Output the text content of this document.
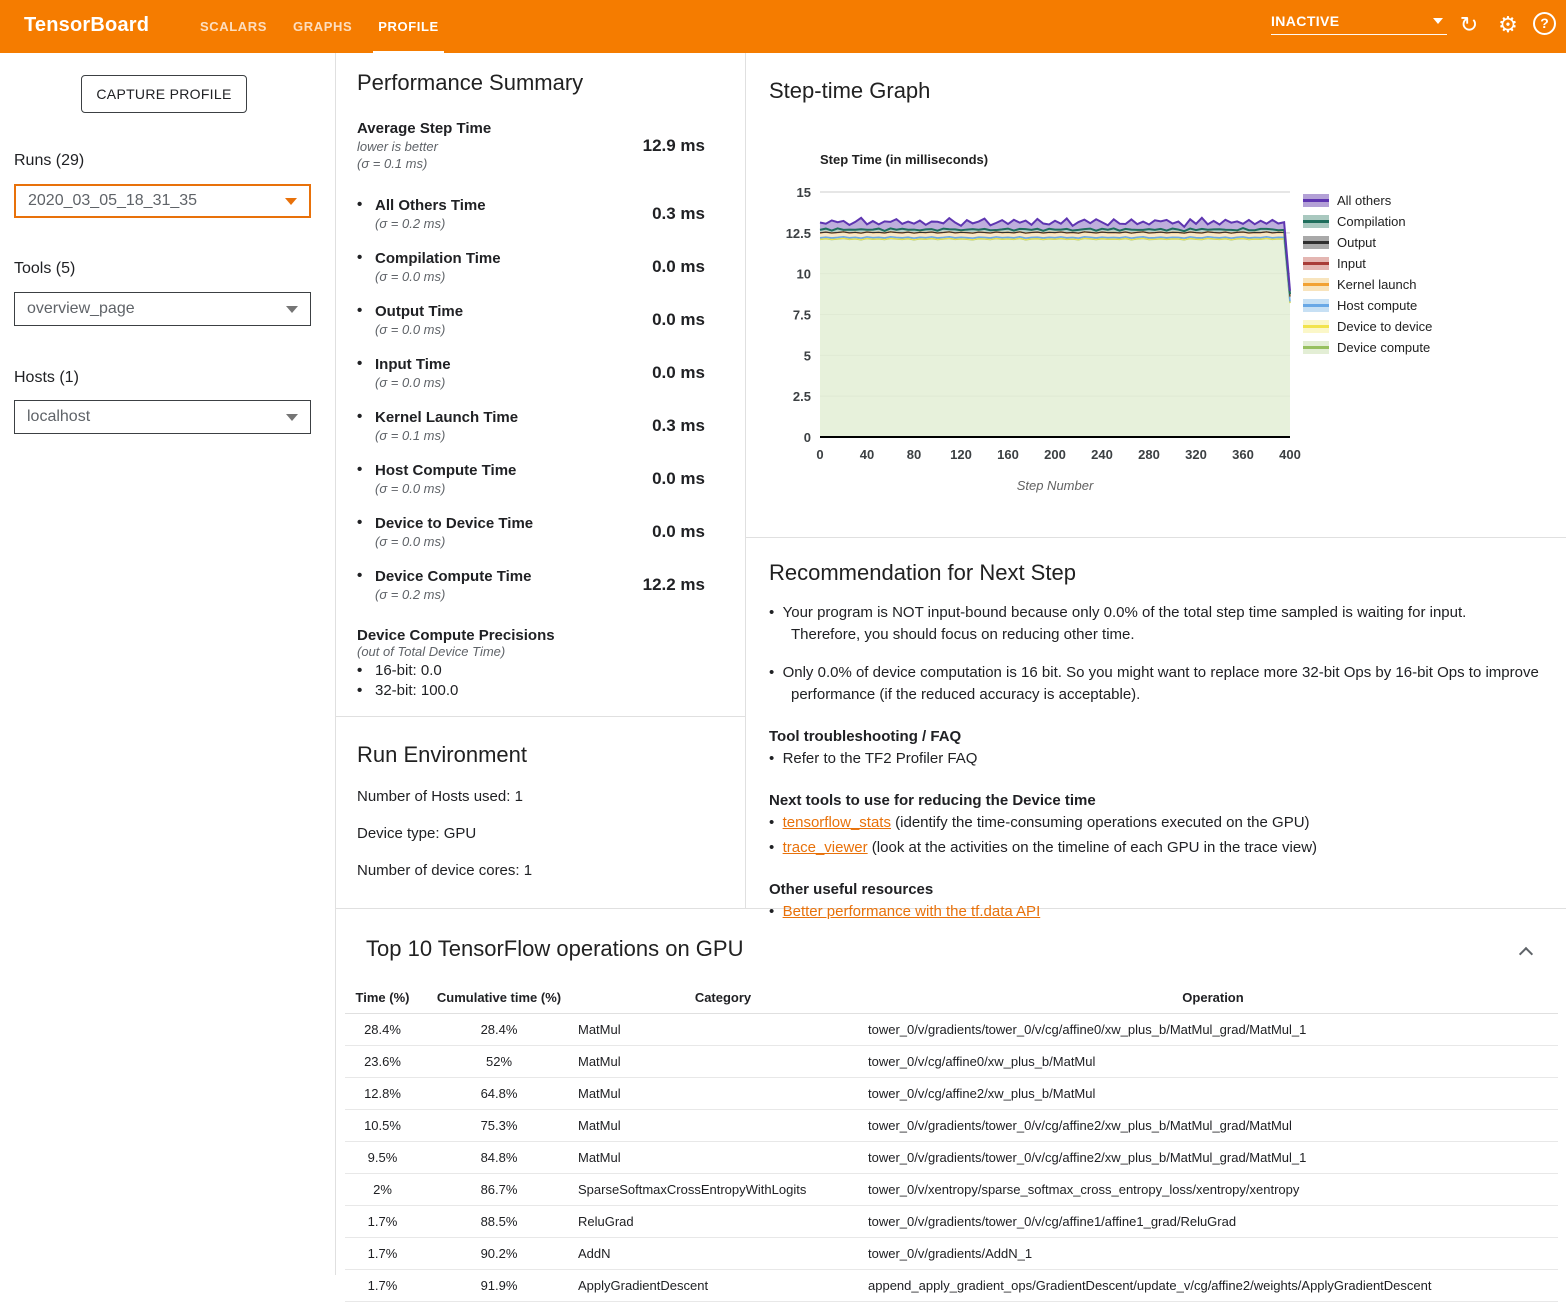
TensorBoard	SCALARS	GRAPHS	PROFILE	INACTIVE	↻ ⚙	?
CAPTURE PROFILE
Runs (29)
2020_03_05_18_31_35
Tools (5)
overview_page
Hosts (1)
localhost
Performance Summary
Average Step Time
lower is better
(σ = 0.1 ms)
12.9 ms
• All Others Time
(σ = 0.2 ms)
0.3 ms
• Compilation Time
(σ = 0.0 ms)
0.0 ms
• Output Time
(σ = 0.0 ms)
0.0 ms
• Input Time
(σ = 0.0 ms)
0.0 ms
• Kernel Launch Time
(σ = 0.1 ms)
0.3 ms
• Host Compute Time
(σ = 0.0 ms)
0.0 ms
• Device to Device Time
(σ = 0.0 ms)
0.0 ms
• Device Compute Time
(σ = 0.2 ms)
12.2 ms
Device Compute Precisions
(out of Total Device Time)
• 16-bit: 0.0
• 32-bit: 100.0
Run Environment
Number of Hosts used: 1
Device type: GPU
Number of device cores: 1
Step-time Graph
Step Time (in milliseconds)
0
2.5
5
7.5
10
12.5
15
0	40	80 120 160 200 240 280 320 360 400
Step Number
All others
Compilation
Output
Input
Kernel launch
Host compute
Device to device
Device compute
Recommendation for Next Step

•  Your program is NOT input-bound because only 0.0% of the total step time sampled is waiting for input. Therefore, you should focus on reducing other time.

•  Only 0.0% of device computation is 16 bit. So you might want to replace more 32-bit Ops by 16-bit Ops to improve performance (if the reduced accuracy is acceptable).

Tool troubleshooting / FAQ
•  Refer to the TF2 Profiler FAQ
Next tools to use for reducing the Device time
•  tensorflow_stats (identify the time-consuming operations executed on the GPU)
•  trace_viewer (look at the activities on the timeline of each GPU in the trace view)
Other useful resources
•  Better performance with the tf.data API
Top 10 TensorFlow operations on GPU
Time (%)	Cumulative time (%)	Category	Operation
28.4%	28.4%	MatMul	tower_0/v/gradients/tower_0/v/cg/affine0/xw_plus_b/MatMul_grad/MatMul_1
23.6%	52%	MatMul	tower_0/v/cg/affine0/xw_plus_b/MatMul
12.8%	64.8%	MatMul	tower_0/v/cg/affine2/xw_plus_b/MatMul
10.5%	75.3%	MatMul	tower_0/v/gradients/tower_0/v/cg/affine2/xw_plus_b/MatMul_grad/MatMul
9.5%	84.8%	MatMul	tower_0/v/gradients/tower_0/v/cg/affine2/xw_plus_b/MatMul_grad/MatMul_1
2%	86.7%	SparseSoftmaxCrossEntropyWithLogits	tower_0/v/xentropy/sparse_softmax_cross_entropy_loss/xentropy/xentropy
1.7%	88.5%	ReluGrad	tower_0/v/gradients/tower_0/v/cg/affine1/affine1_grad/ReluGrad
1.7%	90.2%	AddN	tower_0/v/gradients/AddN_1
1.7%	91.9%	ApplyGradientDescent	append_apply_gradient_ops/GradientDescent/update_v/cg/affine2/weights/ApplyGradientDescent
